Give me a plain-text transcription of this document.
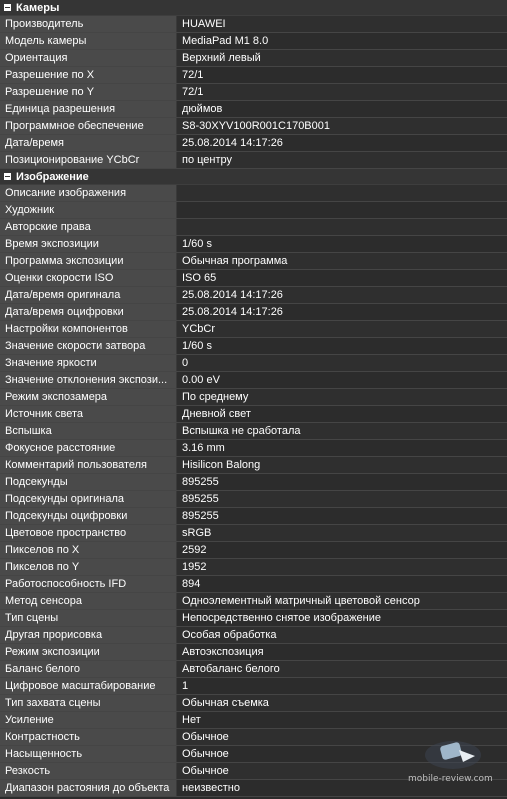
Камеры
Производитель	HUAWEI
Модель камеры	MediaPad M1 8.0
Ориентация	Верхний левый
Разрешение по X	72/1
Разрешение по Y	72/1
Единица разрешения	дюймов
Программное обеспечение	S8-30XYV100R001C170B001
Дата/время	25.08.2014 14:17:26
Позиционирование YCbCr	по центру
Изображение
Описание изображения
Художник
Авторские права
Время экспозиции	1/60 s
Программа экспозиции	Обычная программа
Оценки скорости ISO	ISO 65
Дата/время оригинала	25.08.2014 14:17:26
Дата/время оцифровки	25.08.2014 14:17:26
Настройки компонентов	YCbCr
Значение скорости затвора	1/60 s
Значение яркости	0
Значение отклонения экспози...	0.00 eV
Режим экспозамера	По среднему
Источник света	Дневной свет
Вспышка	Вспышка не сработала
Фокусное расстояние	3.16 mm
Комментарий пользователя	Hisilicon Balong
Подсекунды	895255
Подсекунды оригинала	895255
Подсекунды оцифровки	895255
Цветовое пространство	sRGB
Пикселов по X	2592
Пикселов по Y	1952
Работоспособность IFD	894
Метод сенсора	Одноэлементный матричный цветовой сенсор
Тип сцены	Непосредственно снятое изображение
Другая прорисовка	Особая обработка
Режим экспозиции	Автоэкспозиция
Баланс белого	Автобаланс белого
Цифровое масштабирование	1
Тип захвата сцены	Обычная съемка
Усиление	Нет
Контрастность	Обычное
Насыщенность	Обычное
Резкость	Обычное
Диапазон растояния до объекта	неизвестно
mobile-review.com
